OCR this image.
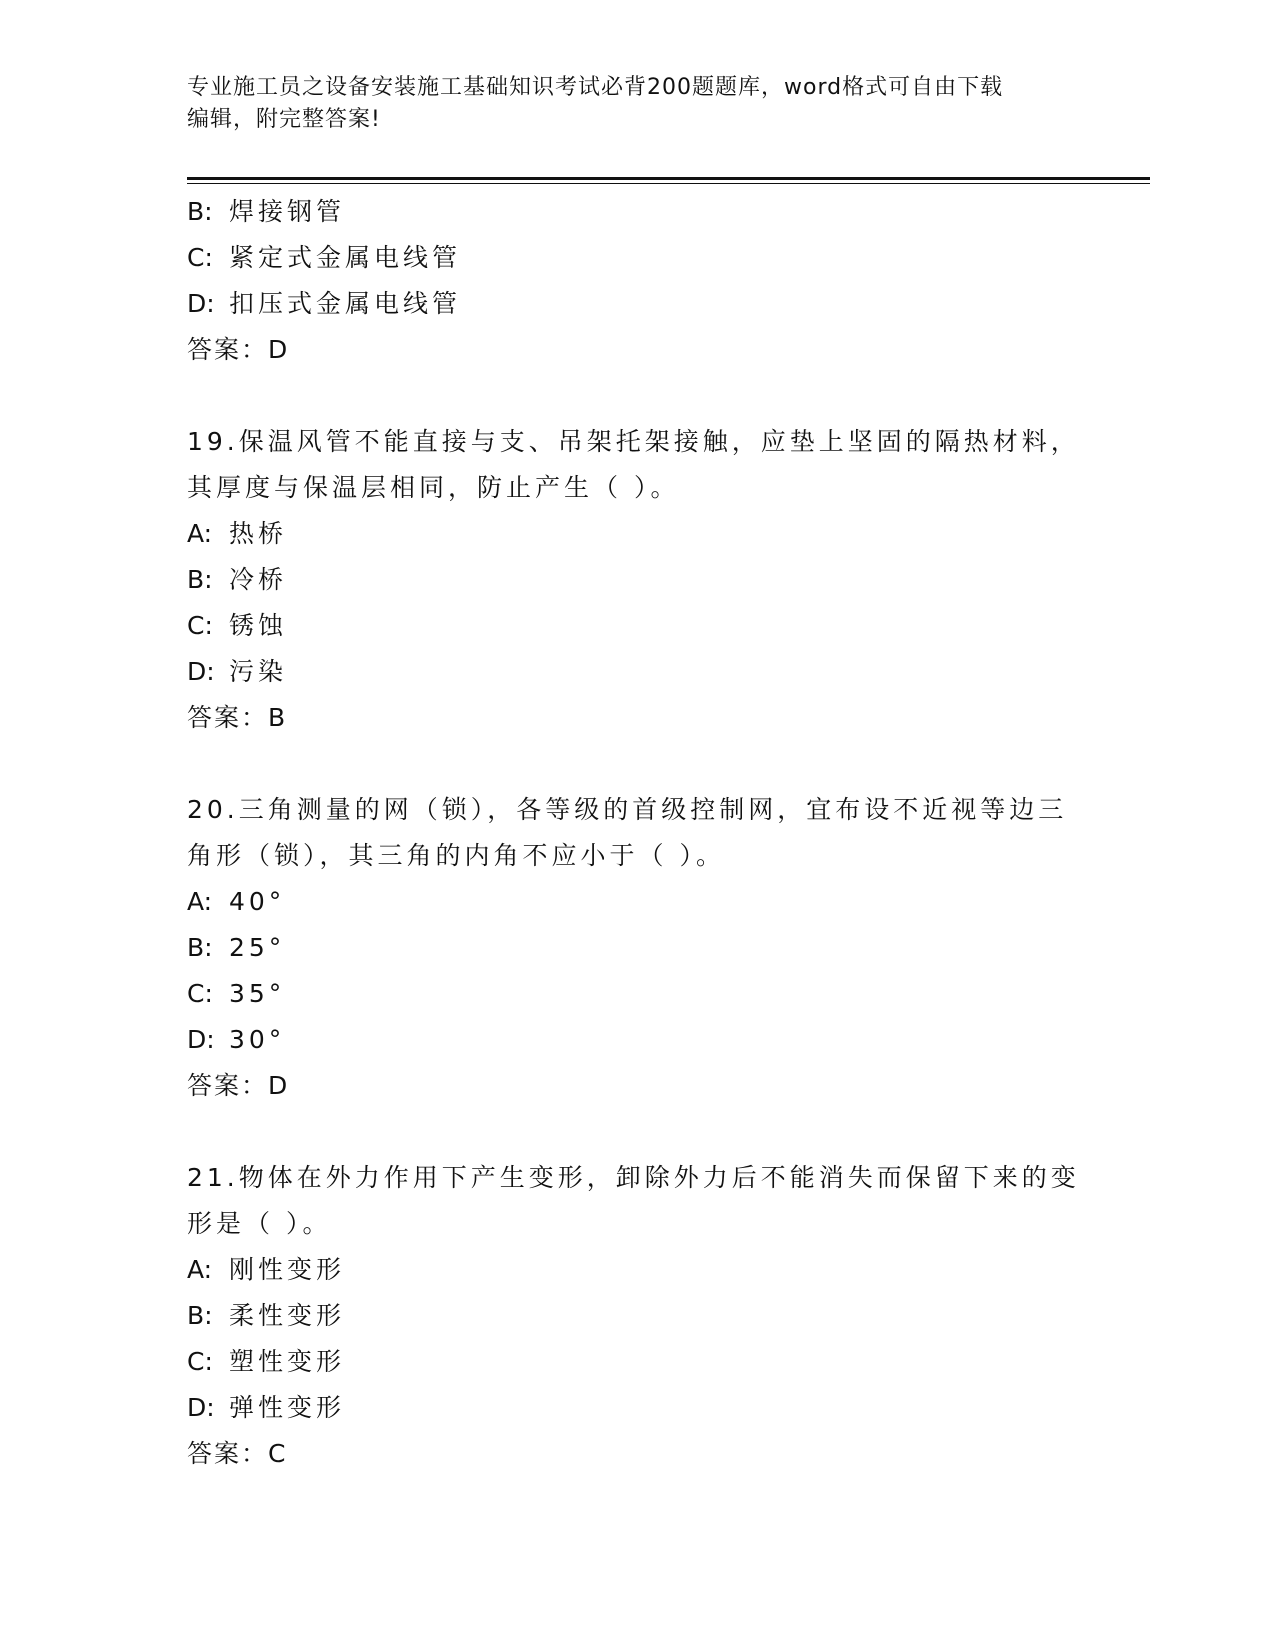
专业施工员之设备安装施工基础知识考试必背200题题库，word格式可自由下载
编辑，附完整答案!
B: 焊接钢管
C: 紧定式金属电线管
D: 扣压式金属电线管
答案：D
19.保温风管不能直接与支、吊架托架接触，应垫上坚固的隔热材料，
其厚度与保温层相同，防止产生（ ）。
A: 热桥
B: 冷桥
C: 锈蚀
D: 污染
答案：B
20.三角测量的网（锁），各等级的首级控制网，宜布设不近视等边三
角形（锁），其三角的内角不应小于（ ）。
A: 40°
B: 25°
C: 35°
D: 30°
答案：D
21.物体在外力作用下产生变形，卸除外力后不能消失而保留下来的变
形是（ ）。
A: 刚性变形
B: 柔性变形
C: 塑性变形
D: 弹性变形
答案：C
